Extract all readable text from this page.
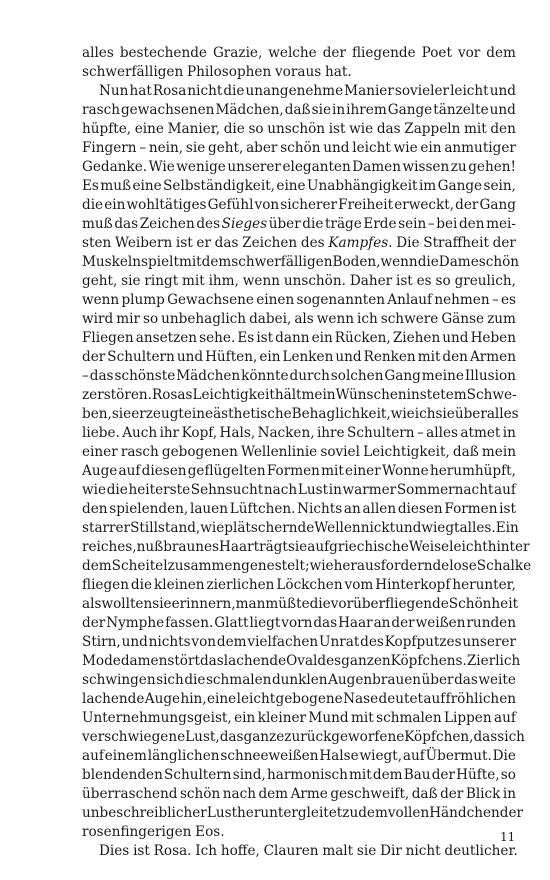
alles bestechende Grazie, welche der fliegende Poet vor dem
schwerfälligen Philosophen voraus hat.
Nun hat Rosa nicht die unangenehme Manier sovieler leicht und
rasch gewachsenen Mädchen, daß sie in ihrem Gange tänzelte und
hüpfte, eine Manier, die so unschön ist wie das Zappeln mit den
Fingern – nein, sie geht, aber schön und leicht wie ein anmutiger
Gedanke. Wie wenige unserer eleganten Damen wissen zu gehen!
Es muß eine Selbständigkeit, eine Unabhängigkeit im Gange sein,
die ein wohltätiges Gefühl von sicherer Freiheit erweckt, der Gang
muß das Zeichen des Sieges über die träge Erde sein – bei den mei-
sten Weibern ist er das Zeichen des Kampfes. Die Straffheit der
Muskeln spielt mit dem schwerfälligen Boden, wenn die Dame schön
geht, sie ringt mit ihm, wenn unschön. Daher ist es so greulich,
wenn plump Gewachsene einen sogenannten Anlauf nehmen – es
wird mir so unbehaglich dabei, als wenn ich schwere Gänse zum
Fliegen ansetzen sehe. Es ist dann ein Rücken, Ziehen und Heben
der Schultern und Hüften, ein Lenken und Renken mit den Armen
– das schönste Mädchen könnte durch solchen Gang meine Illusion
zerstören. Rosas Leichtigkeit hält mein Wünschen in stetem Schwe-
ben, sie erzeugt eine ästhetische Behaglichkeit, wie ich sie über alles
liebe. Auch ihr Kopf, Hals, Nacken, ihre Schultern – alles atmet in
einer rasch gebogenen Wellenlinie soviel Leichtigkeit, daß mein
Auge auf diesen geflügelten Formen mit einer Wonne herumhüpft,
wie die heiterste Sehnsucht nach Lust in warmer Sommernacht auf
den spielenden, lauen Lüftchen. Nichts an allen diesen Formen ist
starrer Stillstand, wie plätschernde Wellen nickt und wiegt alles. Ein
reiches, nußbraunes Haar trägt sie auf griechische Weise leicht hinter
dem Scheitel zusammengenestelt; wie herausfordernde lose Schalke
fliegen die kleinen zierlichen Löckchen vom Hinterkopf herunter,
als wollten sie erinnern, man müßte die vorüberfliegende Schönheit
der Nymphe fassen. Glatt liegt vorn das Haar an der weißen runden
Stirn, und nichts von dem vielfachen Unrat des Kopfputzes unserer
Modedamen stört das lachende Oval des ganzen Köpfchens. Zierlich
schwingen sich die schmalen dunklen Augenbrauen über das weite
lachende Auge hin, eine leicht gebogene Nase deutet auf fröhlichen
Unternehmungsgeist, ein kleiner Mund mit schmalen Lippen auf
verschwiegene Lust, das ganze zurückgeworfene Köpfchen, das sich
auf einem länglichen schneeweißen Halse wiegt, auf Übermut. Die
blendenden Schultern sind, harmonisch mit dem Bau der Hüfte, so
überraschend schön nach dem Arme geschweift, daß der Blick in
unbeschreiblicher Lust heruntergleitet zu dem vollen Händchen der
rosenfingerigen Eos.
Dies ist Rosa. Ich hoffe, Clauren malt sie Dir nicht deutlicher.
11
